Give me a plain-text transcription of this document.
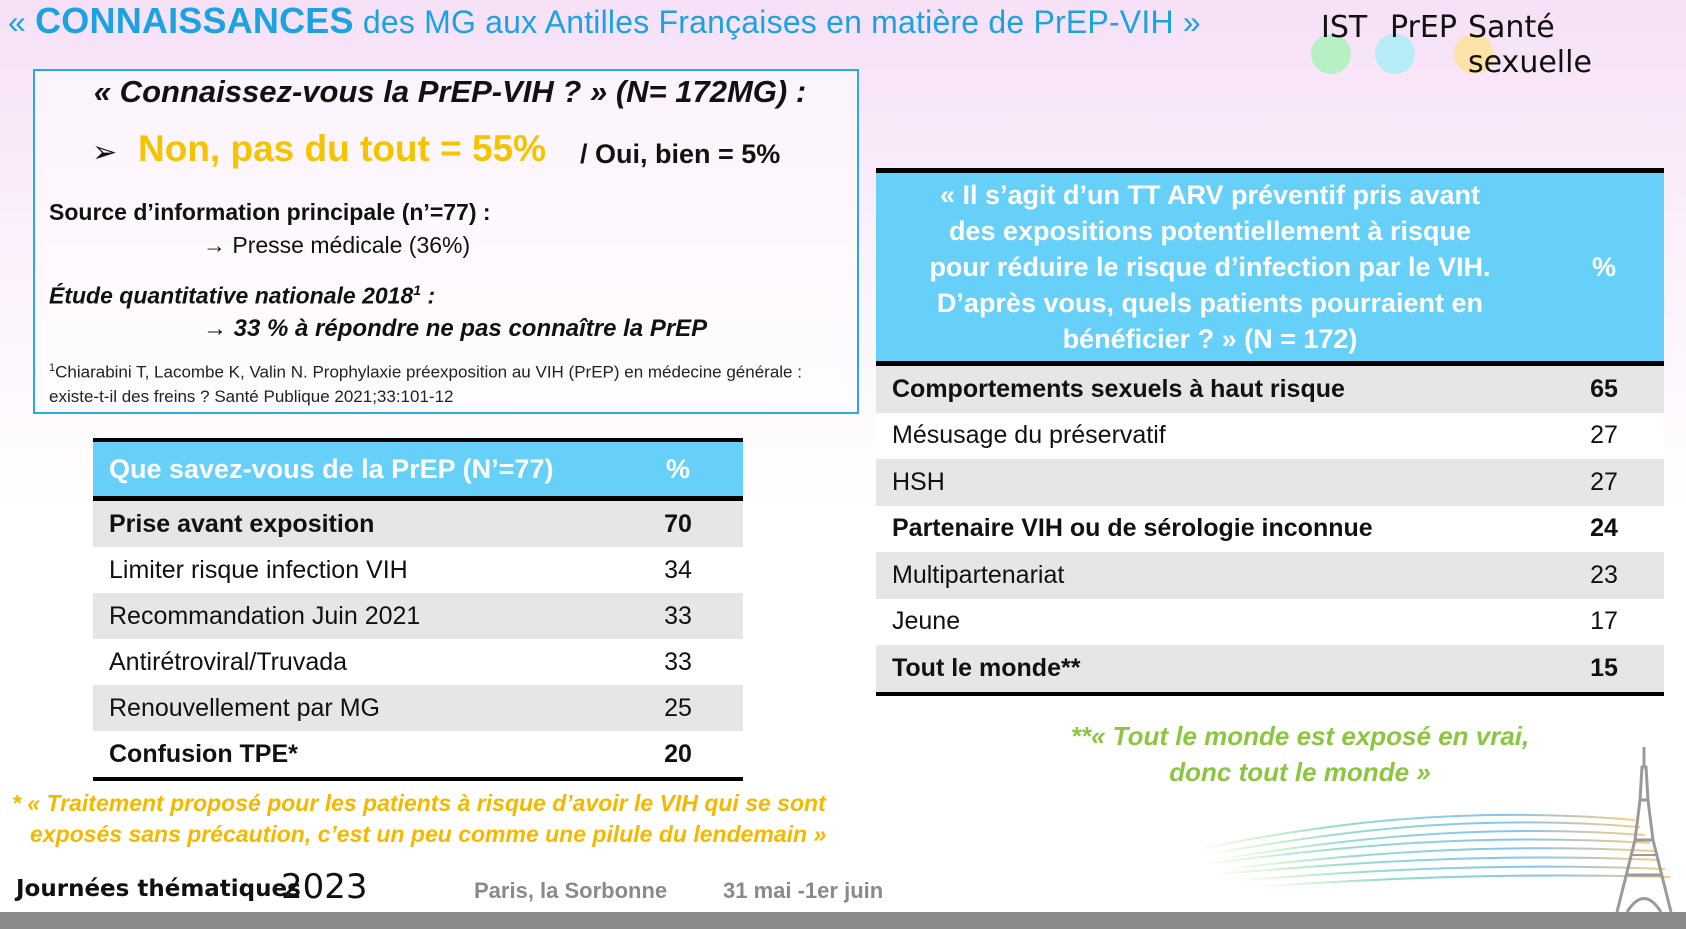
« CONNAISSANCES des MG aux Antilles Françaises en matière de PrEP-VIH »	IST PrEP Santé sexuelle
« Connaissez-vous la PrEP-VIH ? » (N= 172MG) :
➢ Non, pas du tout = 55% / Oui, bien = 5%
Source d’information principale (n’=77) :
→ Presse médicale (36%)
Étude quantitative nationale 2018$^1$ :
→ 33 % à répondre ne pas connaître la PrEP
$^1$Chiarabini T, Lacombe K, Valin N. Prophylaxie préexposition au VIH (PrEP) en médecine générale : existe-t-il des freins ? Santé Publique 2021;33:101-12
Que savez-vous de la PrEP (N’=77)	%
Prise avant exposition	70
Limiter risque infection VIH	34
Recommandation Juin 2021	33
Antirétroviral/Truvada	33
Renouvellement par MG	25
Confusion TPE*	20
« Il s’agit d’un TT ARV préventif pris avant
des expositions potentiellement à risque
pour réduire le risque d’infection par le VIH.
D’après vous, quels patients pourraient en
bénéficier ? » (N = 172)	%
Comportements sexuels à haut risque	65
Mésusage du préservatif	27
HSH	27
Partenaire VIH ou de sérologie inconnue	24
Multipartenariat	23
Jeune	17
Tout le monde**	15
**« Tout le monde est exposé en vrai,
donc tout le monde »
* « Traitement proposé pour les patients à risque d’avoir le VIH qui se sont
exposés sans précaution, c’est un peu comme une pilule du lendemain »
Journées thématiques
2023	Paris, la Sorbonne	31 mai -1er juin
